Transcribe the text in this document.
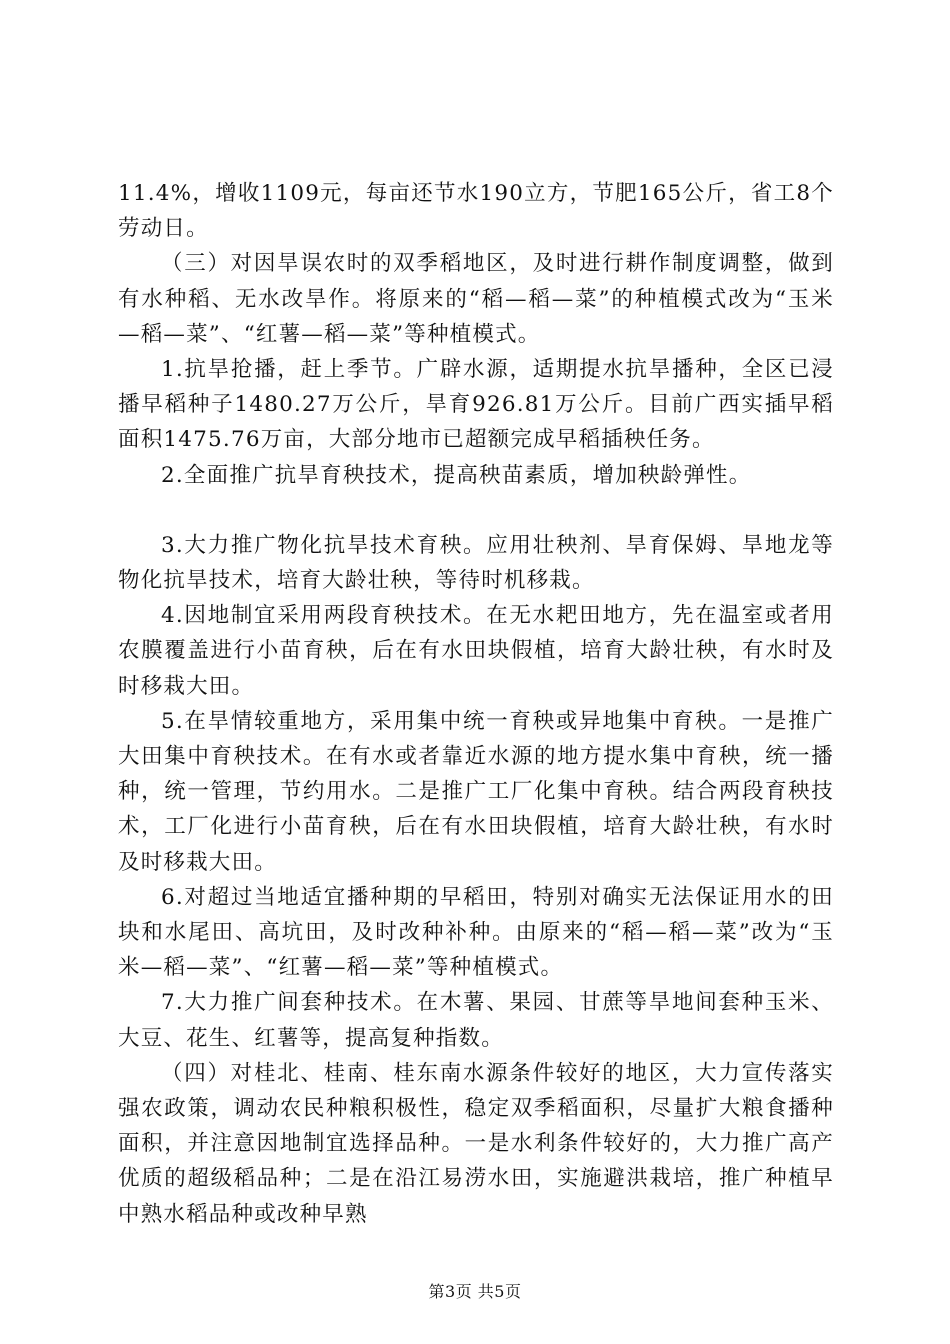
11.4%，增收1109元，每亩还节水190立方，节肥165公斤，省工8个劳动日。

（三）对因旱误农时的双季稻地区，及时进行耕作制度调整，做到有水种稻、无水改旱作。将原来的“稻—稻—菜”的种植模式改为“玉米—稻—菜”、“红薯—稻—菜”等种植模式。

1.抗旱抢播，赶上季节。广辟水源，适期提水抗旱播种，全区已浸播早稻种子1480.27万公斤，旱育926.81万公斤。目前广西实插早稻面积1475.76万亩，大部分地市已超额完成早稻插秧任务。

2.全面推广抗旱育秧技术，提高秧苗素质，增加秧龄弹性。

3.大力推广物化抗旱技术育秧。应用壮秧剂、旱育保姆、旱地龙等物化抗旱技术，培育大龄壮秧，等待时机移栽。

4.因地制宜采用两段育秧技术。在无水耙田地方，先在温室或者用农膜覆盖进行小苗育秧，后在有水田块假植，培育大龄壮秧，有水时及时移栽大田。

5.在旱情较重地方，采用集中统一育秧或异地集中育秧。一是推广大田集中育秧技术。在有水或者靠近水源的地方提水集中育秧，统一播种，统一管理，节约用水。二是推广工厂化集中育秧。结合两段育秧技术，工厂化进行小苗育秧，后在有水田块假植，培育大龄壮秧，有水时及时移栽大田。

6.对超过当地适宜播种期的早稻田，特别对确实无法保证用水的田块和水尾田、高坑田，及时改种补种。由原来的“稻—稻—菜”改为“玉米—稻—菜”、“红薯—稻—菜”等种植模式。

7.大力推广间套种技术。在木薯、果园、甘蔗等旱地间套种玉米、大豆、花生、红薯等，提高复种指数。

（四）对桂北、桂南、桂东南水源条件较好的地区，大力宣传落实强农政策，调动农民种粮积极性，稳定双季稻面积，尽量扩大粮食播种面积，并注意因地制宜选择品种。一是水利条件较好的，大力推广高产优质的超级稻品种；二是在沿江易涝水田，实施避洪栽培，推广种植早中熟水稻品种或改种早熟

第3页 共5页
